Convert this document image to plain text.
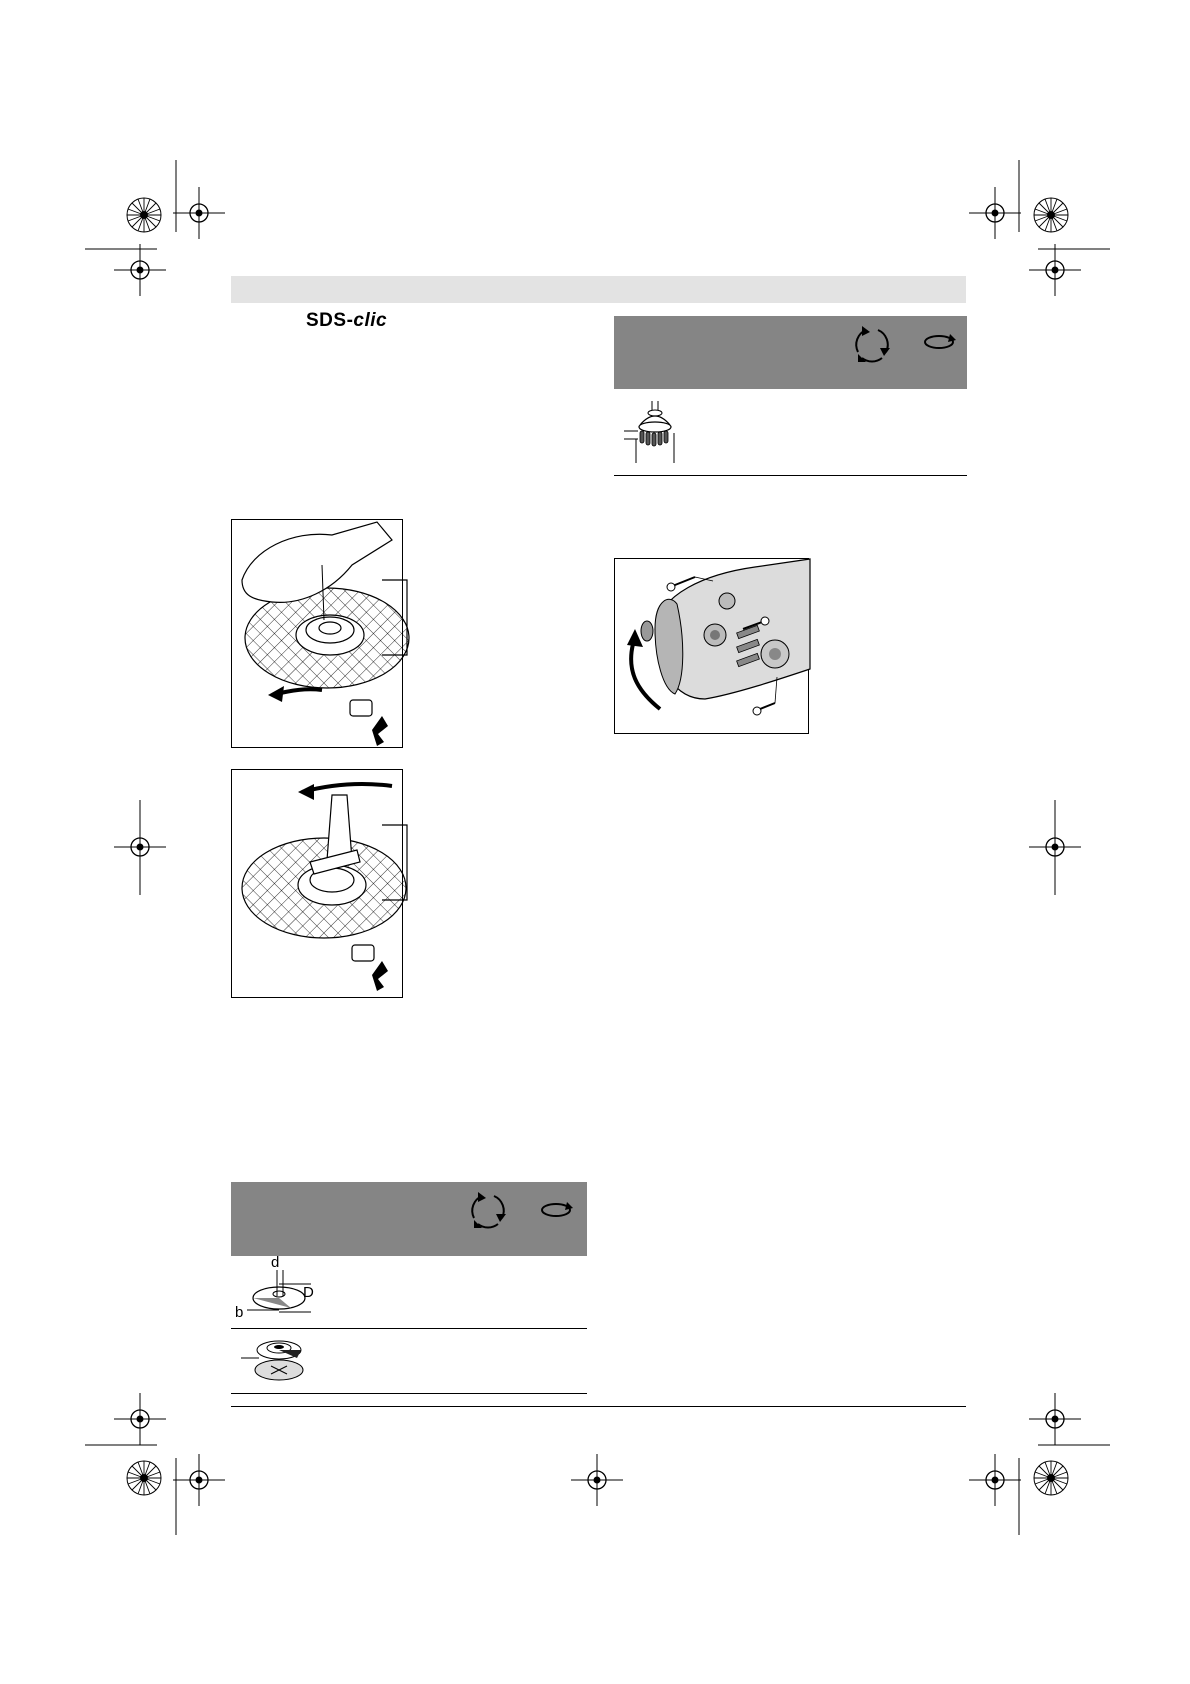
SDS-clic
d
D
b
